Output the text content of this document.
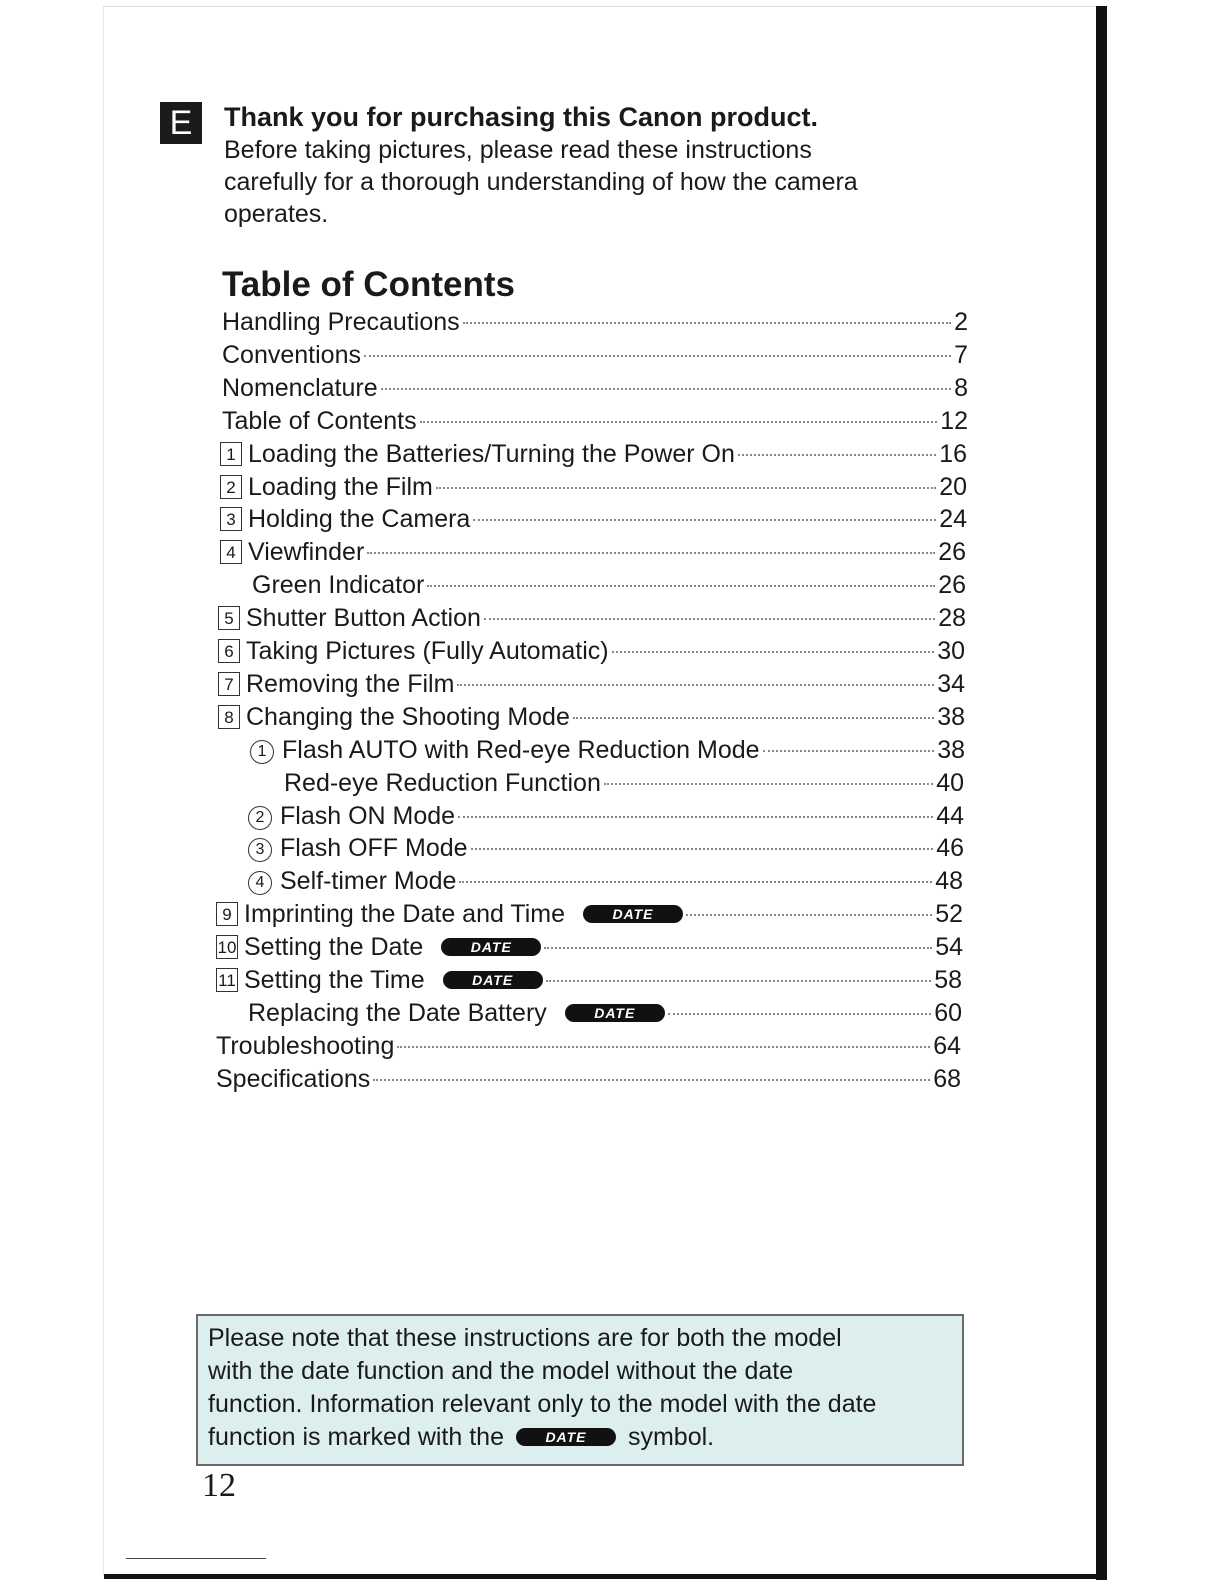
E	Thank you for purchasing this Canon product.
Before taking pictures, please read these instructions
carefully for a thorough understanding of how the camera
operates.
Table of Contents
Handling Precautions	2
Conventions	7
Nomenclature	8
Table of Contents	12
1 Loading the Batteries/Turning the Power On	16
2 Loading the Film	20
3 Holding the Camera	24
4 Viewfinder	26
Green Indicator	26
5 Shutter Button Action	28
6 Taking Pictures (Fully Automatic)	30
7 Removing the Film	34
8 Changing the Shooting Mode	38
1 Flash AUTO with Red-eye Reduction Mode	38
Red-eye Reduction Function	40
2 Flash ON Mode	44
3 Flash OFF Mode	46
4 Self-timer Mode	48
9 Imprinting the Date and Time	DATE	52
10 Setting the Date	DATE	54
11 Setting the Time	DATE	58
Replacing the Date Battery	DATE	60
Troubleshooting	64
Specifications	68
Please note that these instructions are for both the model
with the date function and the model without the date
function. Information relevant only to the model with the date
function is marked with the	DATE symbol.
12
